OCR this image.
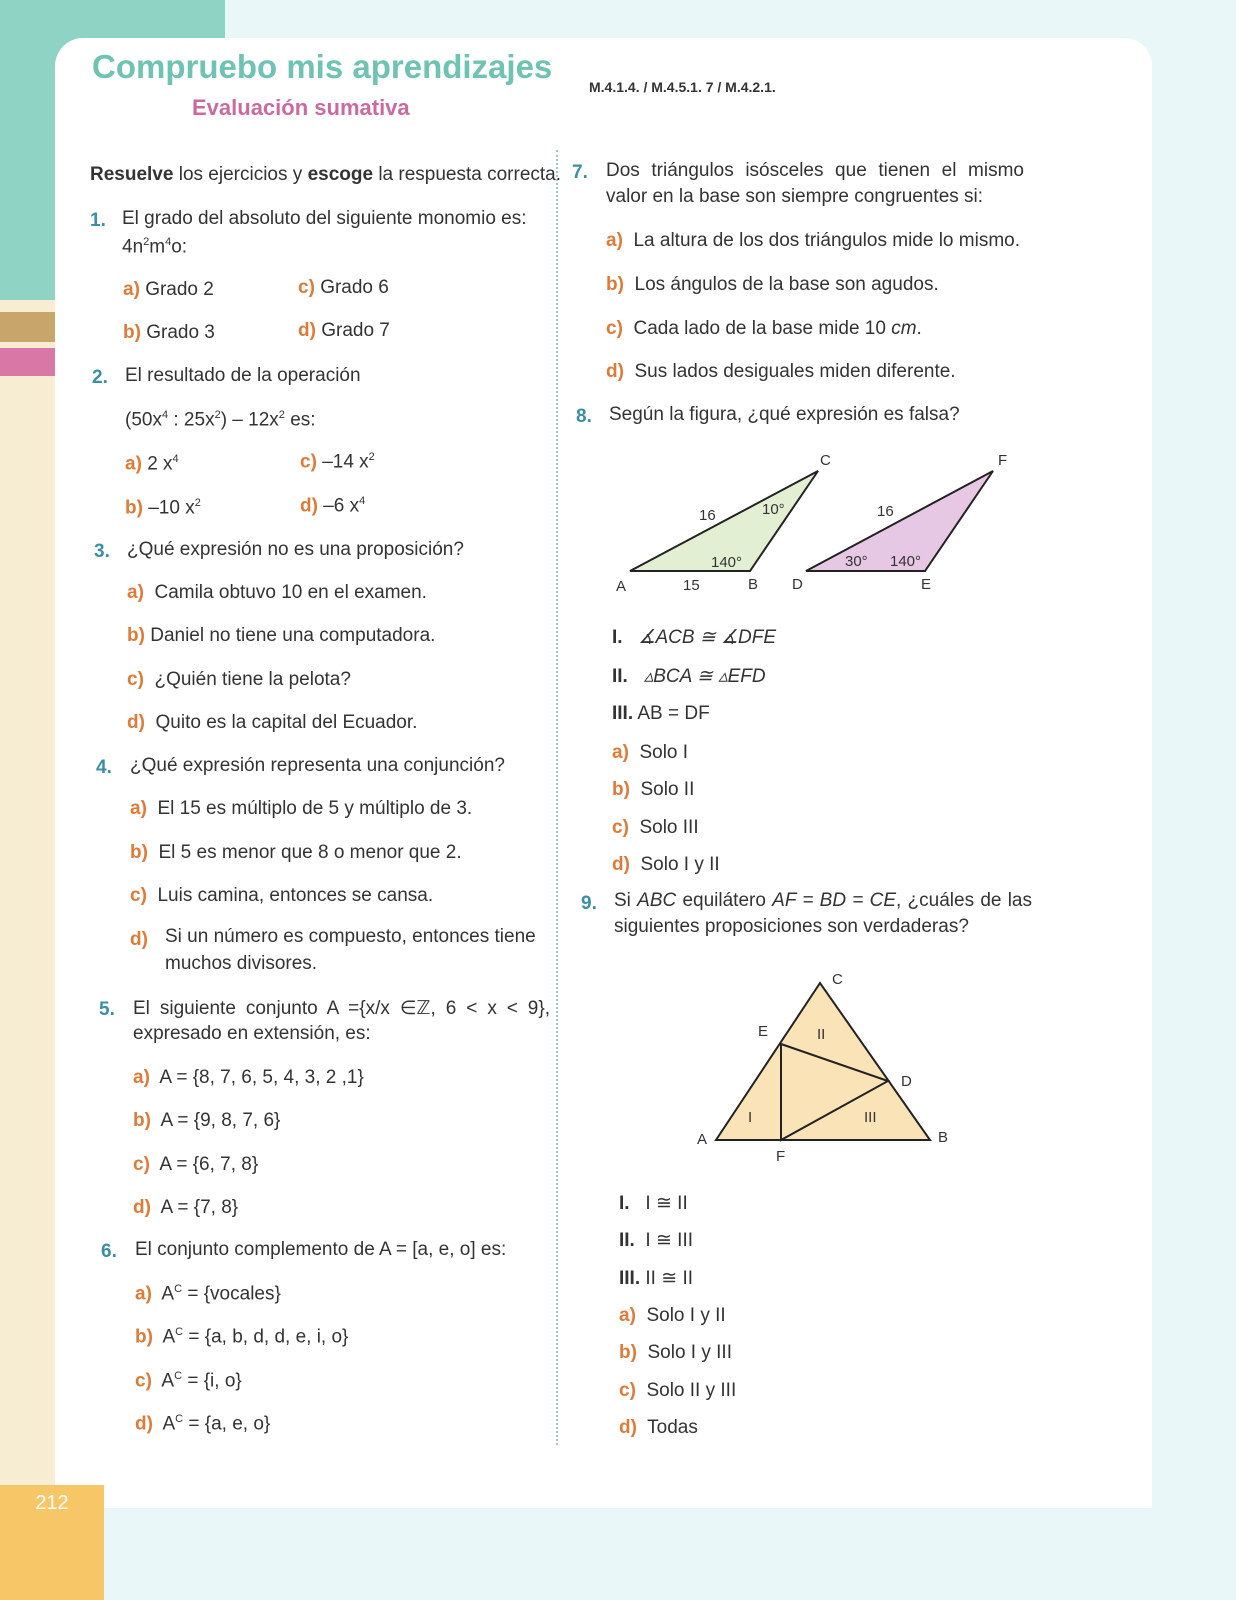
212
Compruebo mis aprendizajes
Evaluación sumativa
M.4.1.4. / M.4.5.1. 7 / M.4.2.1.
Resuelve los ejercicios y escoge la respuesta correcta.
1. El grado del absoluto del siguiente monomio es:
$4n^2m^4o$:
a) Grado 2	c) Grado 6
b) Grado 3	d) Grado 7
2. El resultado de la operación
($50x^4$ : $25x^2) - 12x^2$ es:
a) 2 $x^4$	c) –14 $x^2$
b) –10 $x^2$	d) –6 $x^4$
3. ¿Qué expresión no es una proposición?
a) Camila obtuvo 10 en el examen.
b) Daniel no tiene una computadora.
c) ¿Quién tiene la pelota?
d) Quito es la capital del Ecuador.
4. ¿Qué expresión representa una conjunción?
a) El 15 es múltiplo de 5 y múltiplo de 3.
b) El 5 es menor que 8 o menor que 2.
c) Luis camina, entonces se cansa.
d) Si un número es compuesto, entonces tiene muchos divisores.
5. El siguiente conjunto A ={x/x ∈ℤ, 6 < x < 9},
expresado en extensión, es:
a) A = {8, 7, 6, 5, 4, 3, 2 ,1}
b) A = {9, 8, 7, 6}
c) A = {6, 7, 8}
d) A = {7, 8}
6. El conjunto complemento de A = [a, e, o] es:
a) $A^C$ = {vocales}
b) $A^C = \{a$, b, d, d, e, i, o}
c) $A^C = \{i$, o}
d) $A^C = \{a$, e, o}
7. Dos triángulos isósceles que tienen el mismo
valor en la base son siempre congruentes si:
a) La altura de los dos triángulos mide lo mismo.
b) Los ángulos de la base son agudos.
c) Cada lado de la base mide 10 cm.
d) Sus lados desiguales miden diferente.
8. Según la figura, ¿qué expresión es falsa?
A	B
C
D	E
F
16
15
10°
140°
16
30° 140°
I. ∡ACB ≅ ∡DFE
II. ▵BCA ≅ ▵EFD
III. AB = DF
a) Solo I
b) Solo II
c) Solo III
d) Solo I y II
9. Si ABC equilátero AF = BD = CE, ¿cuáles de las
siguientes proposiciones son verdaderas?
A	B
C
D
E
F
I
II
III
I. I ≅ II
II. I ≅ III
III. II ≅ II
a) Solo I y II
b) Solo I y III
c) Solo II y III
d) Todas
